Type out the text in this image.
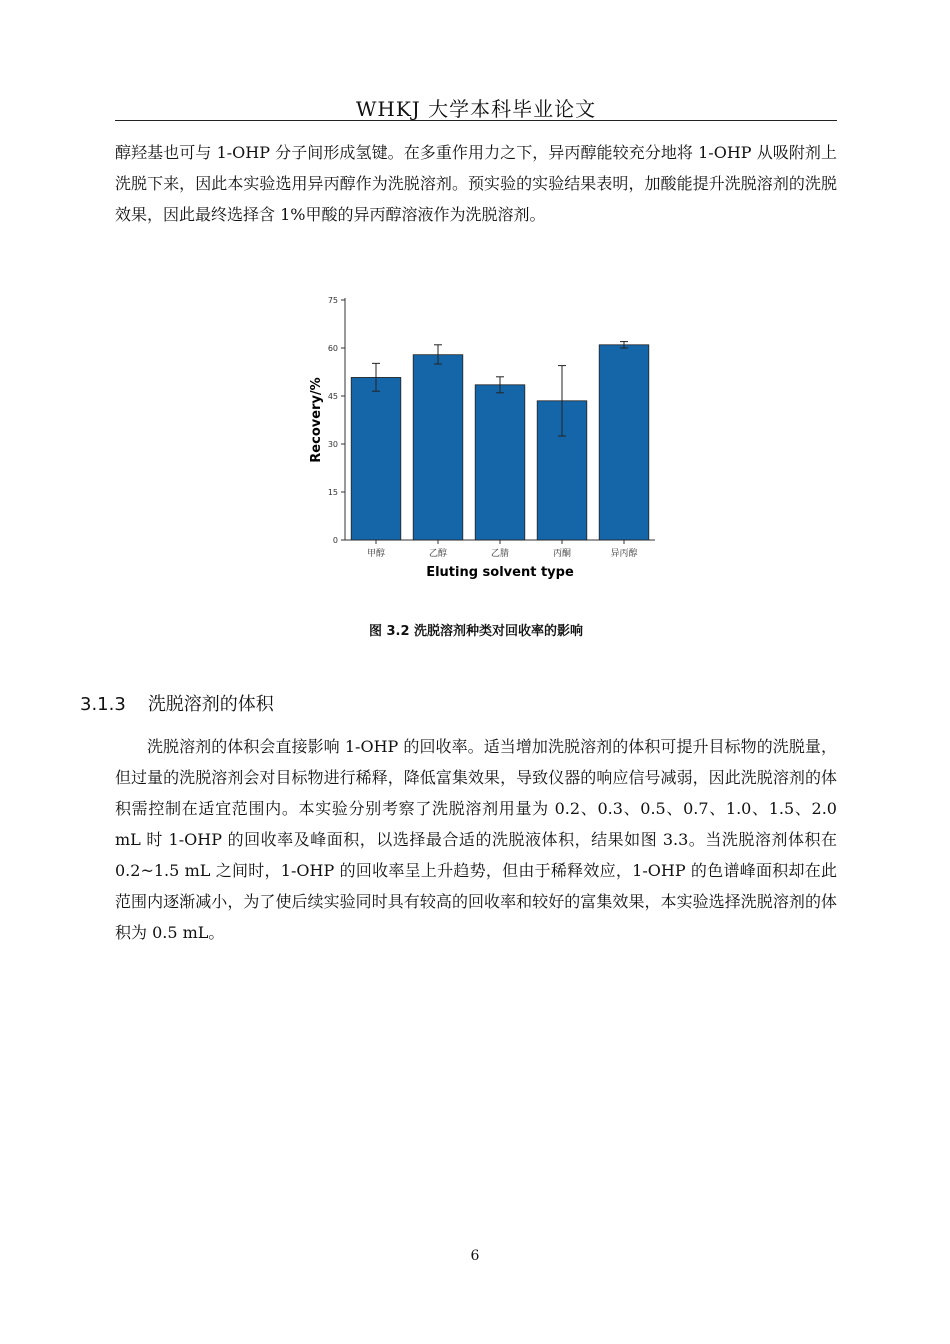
WHKJ 大学本科毕业论文

醇羟基也可与 1-OHP 分子间形成氢键。在多重作用力之下，异丙醇能较充分地将 1-OHP 从吸附剂上洗脱下来，因此本实验选用异丙醇作为洗脱溶剂。预实验的实验结果表明，加酸能提升洗脱溶剂的洗脱效果，因此最终选择含 1%甲酸的异丙醇溶液作为洗脱溶剂。

0
15
30
45
60
75
甲醇	乙醇	乙腈	丙酮	异丙醇
Eluting solvent type
Recovery/%
图 3.2 洗脱溶剂种类对回收率的影响
3.1.3 洗脱溶剂的体积

洗脱溶剂的体积会直接影响 1-OHP 的回收率。适当增加洗脱溶剂的体积可提升目标物的洗脱量，但过量的洗脱溶剂会对目标物进行稀释，降低富集效果，导致仪器的响应信号减弱，因此洗脱溶剂的体积需控制在适宜范围内。本实验分别考察了洗脱溶剂用量为 0.2、0.3、0.5、0.7、1.0、1.5、2.0 mL 时 1-OHP 的回收率及峰面积，以选择最合适的洗脱液体积，结果如图 3.3。当洗脱溶剂体积在 0.2~1.5 mL 之间时，1-OHP 的回收率呈上升趋势，但由于稀释效应，1-OHP 的色谱峰面积却在此范围内逐渐减小，为了使后续实验同时具有较高的回收率和较好的富集效果，本实验选择洗脱溶剂的体积为 0.5 mL。

6
